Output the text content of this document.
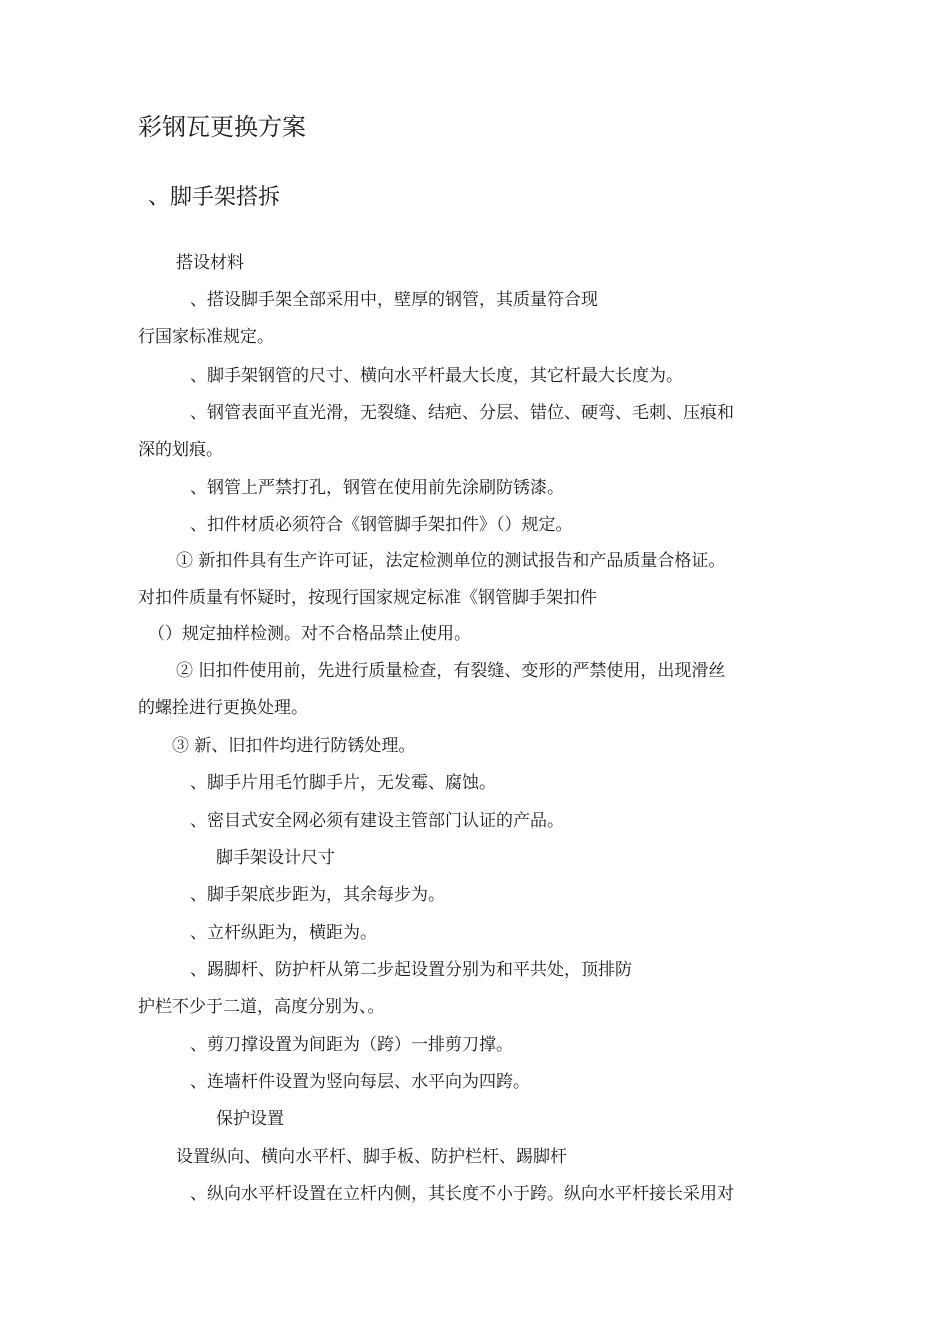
彩钢瓦更换方案
、脚手架搭拆
搭设材料
、搭设脚手架全部采用中，壁厚的钢管，其质量符合现
行国家标准规定。
、脚手架钢管的尺寸、横向水平杆最大长度，其它杆最大长度为。
、钢管表面平直光滑，无裂缝、结疤、分层、错位、硬弯、毛刺、压痕和
深的划痕。
、钢管上严禁打孔，钢管在使用前先涂刷防锈漆。
、扣件材质必须符合《钢管脚手架扣件》（）规定。
① 新扣件具有生产许可证，法定检测单位的测试报告和产品质量合格证。
对扣件质量有怀疑时，按现行国家规定标准《钢管脚手架扣件
（）规定抽样检测。对不合格品禁止使用。
② 旧扣件使用前，先进行质量检查，有裂缝、变形的严禁使用，出现滑丝
的螺拴进行更换处理。
③ 新、旧扣件均进行防锈处理。
、脚手片用毛竹脚手片，无发霉、腐蚀。
、密目式安全网必须有建设主管部门认证的产品。
脚手架设计尺寸
、脚手架底步距为，其余每步为。
、立杆纵距为，横距为。
、踢脚杆、防护杆从第二步起设置分别为和平共处，顶排防
护栏不少于二道，高度分别为、。
、剪刀撑设置为间距为（跨）一排剪刀撑。
、连墙杆件设置为竖向每层、水平向为四跨。
保护设置
设置纵向、横向水平杆、脚手板、防护栏杆、踢脚杆
、纵向水平杆设置在立杆内侧，其长度不小于跨。纵向水平杆接长采用对
